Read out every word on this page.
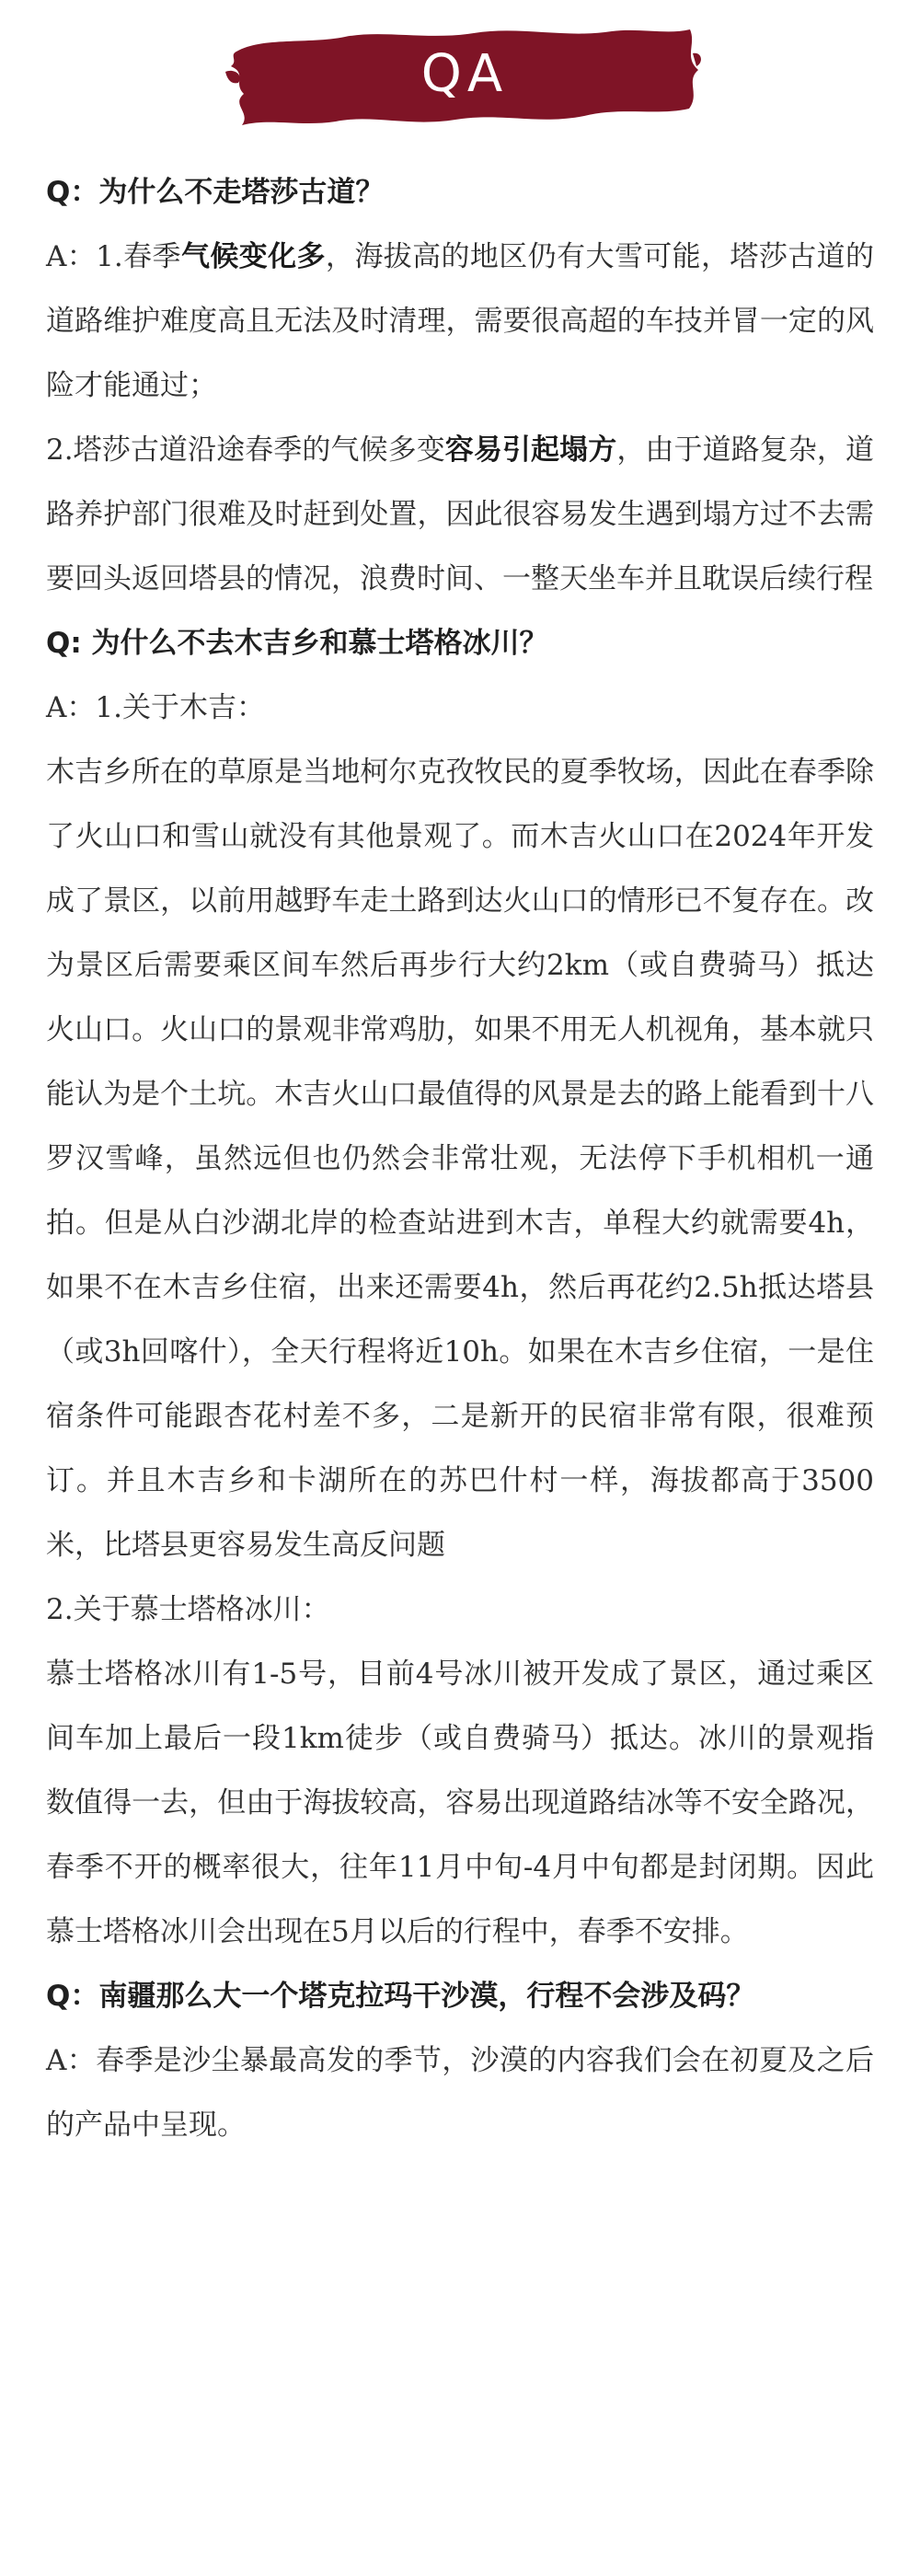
QA

Q：为什么不走塔莎古道？

A：1.春季气候变化多，海拔高的地区仍有大雪可能，塔莎古道的道路维护难度高且无法及时清理，需要很高超的车技并冒一定的风险才能通过；

2.塔莎古道沿途春季的气候多变容易引起塌方，由于道路复杂，道路养护部门很难及时赶到处置，因此很容易发生遇到塌方过不去需要回头返回塔县的情况，浪费时间、一整天坐车并且耽误后续行程

Q: 为什么不去木吉乡和慕士塔格冰川？

A：1.关于木吉：

木吉乡所在的草原是当地柯尔克孜牧民的夏季牧场，因此在春季除了火山口和雪山就没有其他景观了。而木吉火山口在2024年开发成了景区，以前用越野车走土路到达火山口的情形已不复存在。改为景区后需要乘区间车然后再步行大约2km（或自费骑马）抵达火山口。火山口的景观非常鸡肋，如果不用无人机视角，基本就只能认为是个土坑。木吉火山口最值得的风景是去的路上能看到十八罗汉雪峰，虽然远但也仍然会非常壮观，无法停下手机相机一通拍。但是从白沙湖北岸的检查站进到木吉，单程大约就需要4h，如果不在木吉乡住宿，出来还需要4h，然后再花约2.5h抵达塔县（或3h回喀什），全天行程将近10h。如果在木吉乡住宿，一是住宿条件可能跟杏花村差不多，二是新开的民宿非常有限，很难预订。并且木吉乡和卡湖所在的苏巴什村一样，海拔都高于3500米，比塔县更容易发生高反问题

2.关于慕士塔格冰川：

慕士塔格冰川有1-5号，目前4号冰川被开发成了景区，通过乘区间车加上最后一段1km徒步（或自费骑马）抵达。冰川的景观指数值得一去，但由于海拔较高，容易出现道路结冰等不安全路况，春季不开的概率很大，往年11月中旬-4月中旬都是封闭期。因此慕士塔格冰川会出现在5月以后的行程中，春季不安排。

Q：南疆那么大一个塔克拉玛干沙漠，行程不会涉及码？

A：春季是沙尘暴最高发的季节，沙漠的内容我们会在初夏及之后的产品中呈现。
